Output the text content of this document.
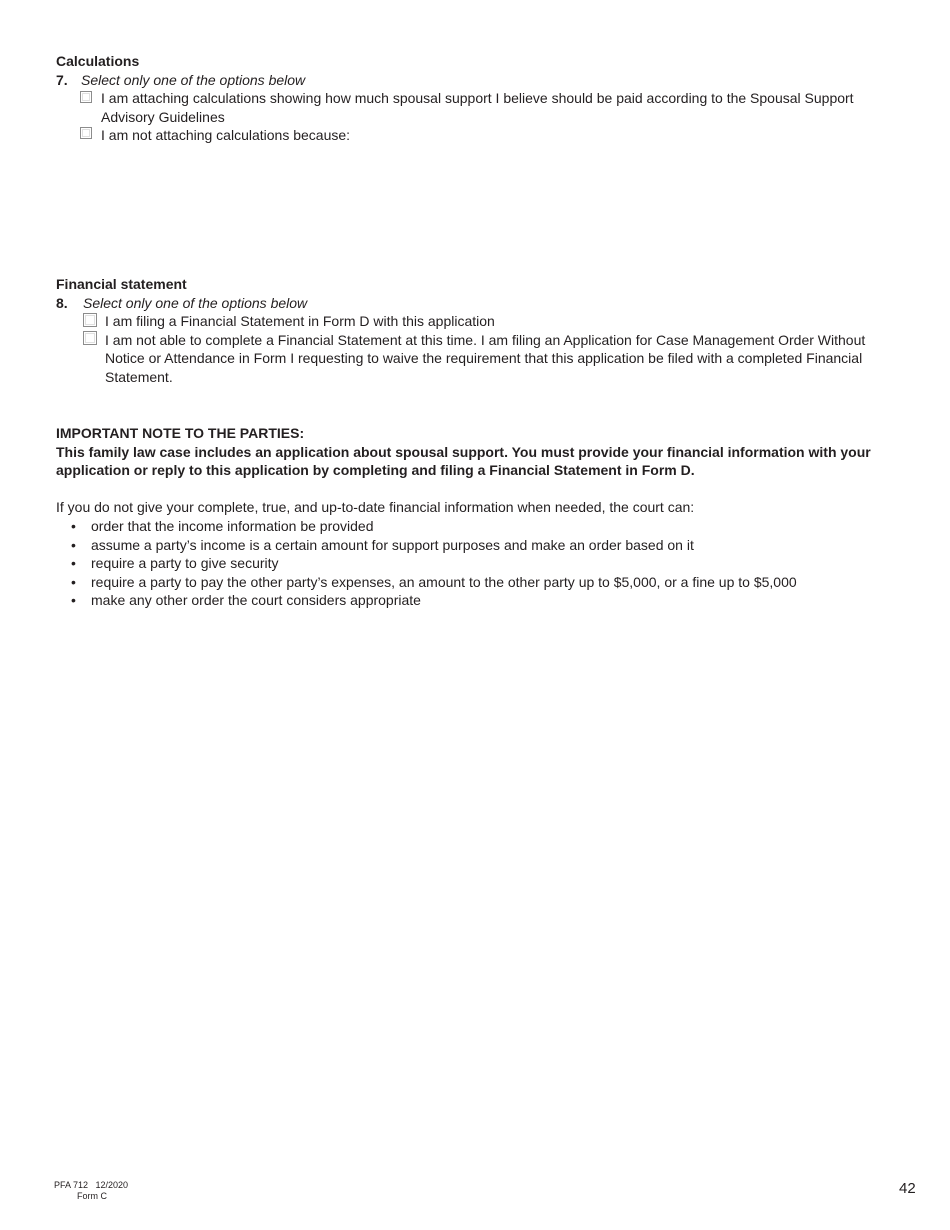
Calculations
7. Select only one of the options below
I am attaching calculations showing how much spousal support I believe should be paid according to the Spousal Support
Advisory Guidelines
I am not attaching calculations because:
Financial statement
8. Select only one of the options below
I am filing a Financial Statement in Form D with this application
I am not able to complete a Financial Statement at this time. I am filing an Application for Case Management Order Without
Notice or Attendance in Form I requesting to waive the requirement that this application be filed with a completed Financial
Statement.
IMPORTANT NOTE TO THE PARTIES:
This family law case includes an application about spousal support. You must provide your financial information with your
application or reply to this application by completing and filing a Financial Statement in Form D.
If you do not give your complete, true, and up-to-date financial information when needed, the court can:
• order that the income information be provided
• assume a party’s income is a certain amount for support purposes and make an order based on it
• require a party to give security
• require a party to pay the other party’s expenses, an amount to the other party up to $5,000, or a fine up to $5,000
• make any other order the court considers appropriate
PFA 712   12/2020
Form C	42
